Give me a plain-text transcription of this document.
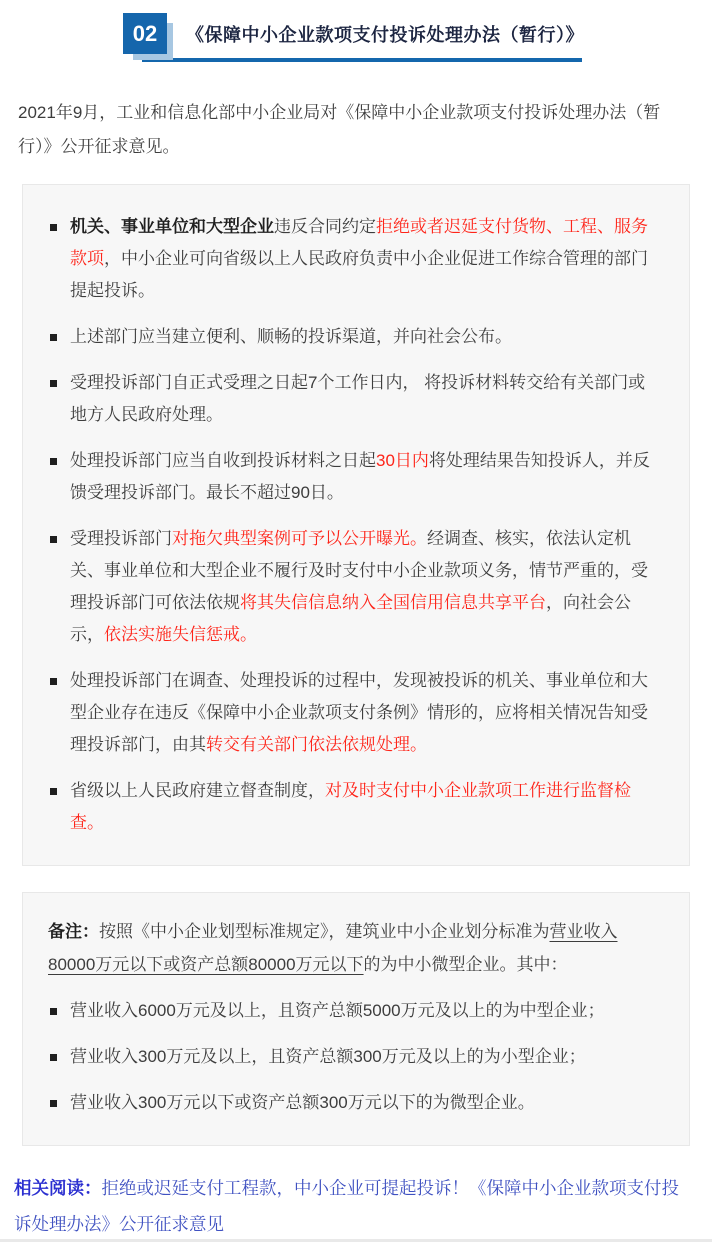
02	《保障中小企业款项支付投诉处理办法（暂行）》
2021年9月，工业和信息化部中小企业局对《保障中小企业款项支付投诉处理办法（暂行）》公开征求意见。
机关、事业单位和大型企业违反合同约定拒绝或者迟延支付货物、工程、服务款项，中小企业可向省级以上人民政府负责中小企业促进工作综合管理的部门提起投诉。
上述部门应当建立便利、顺畅的投诉渠道，并向社会公布。
受理投诉部门自正式受理之日起7个工作日内， 将投诉材料转交给有关部门或地方人民政府处理。
处理投诉部门应当自收到投诉材料之日起30日内将处理结果告知投诉人，并反馈受理投诉部门。最长不超过90日。
受理投诉部门对拖欠典型案例可予以公开曝光。经调查、核实，依法认定机关、事业单位和大型企业不履行及时支付中小企业款项义务，情节严重的，受理投诉部门可依法依规将其失信信息纳入全国信用信息共享平台，向社会公示，依法实施失信惩戒。
处理投诉部门在调查、处理投诉的过程中，发现被投诉的机关、事业单位和大型企业存在违反《保障中小企业款项支付条例》情形的，应将相关情况告知受理投诉部门，由其转交有关部门依法依规处理。
省级以上人民政府建立督查制度，对及时支付中小企业款项工作进行监督检查。
备注：按照《中小企业划型标准规定》，建筑业中小企业划分标准为营业收入80000万元以下或资产总额80000万元以下的为中小微型企业。其中：
营业收入6000万元及以上，且资产总额5000万元及以上的为中型企业；
营业收入300万元及以上，且资产总额300万元及以上的为小型企业；
营业收入300万元以下或资产总额300万元以下的为微型企业。
相关阅读：拒绝或迟延支付工程款，中小企业可提起投诉！《保障中小企业款项支付投诉处理办法》公开征求意见
